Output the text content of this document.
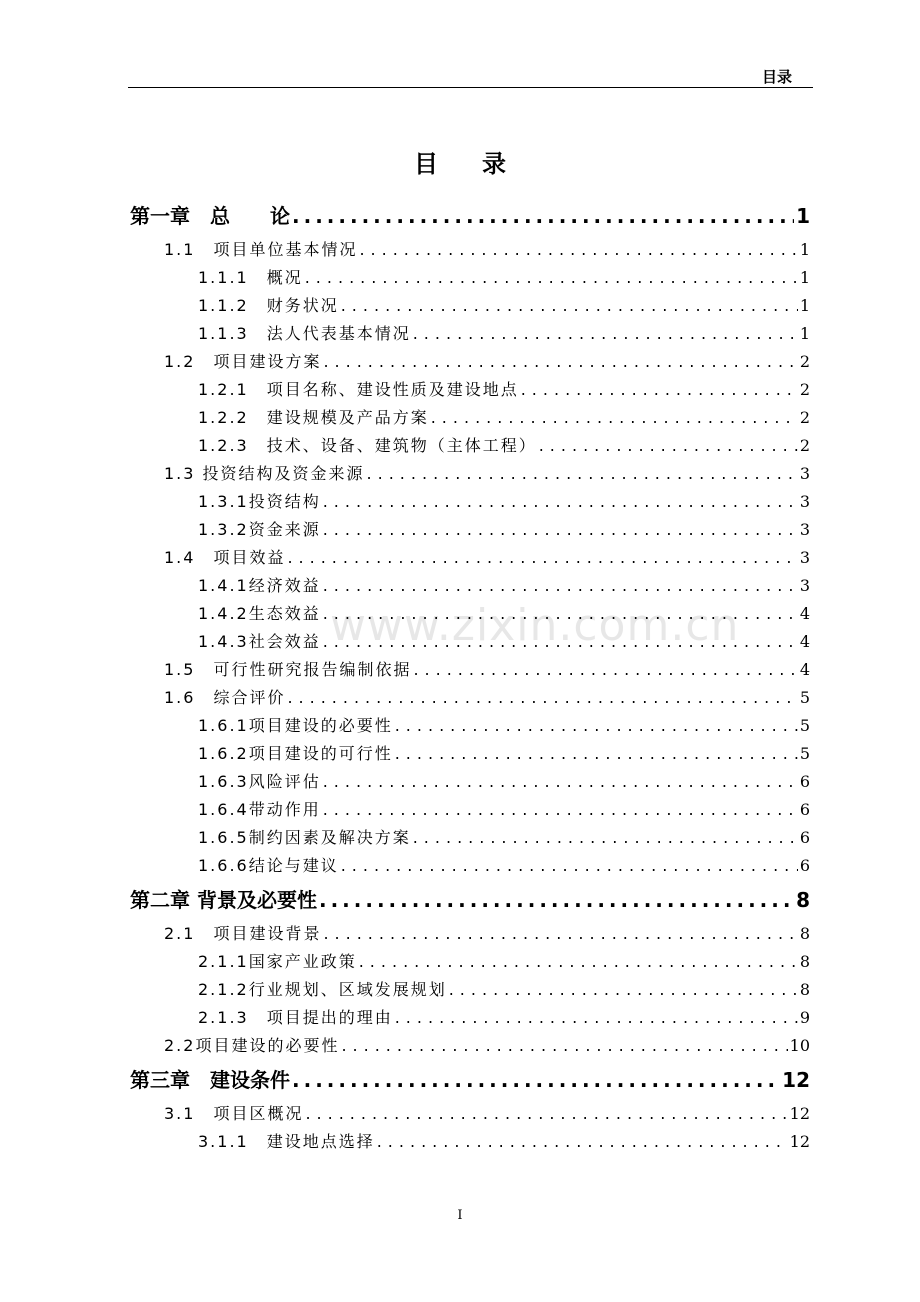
目录
www.zixin.com.cn
目录
第一章　总　　论 .....	1
1.1　项目单位基本情况 .....	1
1.1.1　概况 .....	1
1.1.2　财务状况 .....	1
1.1.3　法人代表基本情况 .....	1
1.2　项目建设方案 .....	2
1.2.1　项目名称、建设性质及建设地点 .....	2
1.2.2　建设规模及产品方案 .....	2
1.2.3　技术、设备、建筑物（主体工程） .....	2
1.3 投资结构及资金来源 .....	3
1.3.1投资结构 .....	3
1.3.2资金来源 .....	3
1.4　项目效益 .....	3
1.4.1经济效益 .....	3
1.4.2生态效益 .....	4
1.4.3社会效益 .....	4
1.5　可行性研究报告编制依据 .....	4
1.6　综合评价 .....	5
1.6.1项目建设的必要性 .....	5
1.6.2项目建设的可行性 .....	5
1.6.3风险评估 .....	6
1.6.4带动作用 .....	6
1.6.5制约因素及解决方案 .....	6
1.6.6结论与建议 .....	6
第二章 背景及必要性 .....	8
2.1　项目建设背景 .....	8
2.1.1国家产业政策 .....	8
2.1.2行业规划、区域发展规划 .....	8
2.1.3　项目提出的理由 .....	9
2.2项目建设的必要性 .....	10
第三章　建设条件 .....	12
3.1　项目区概况 .....	12
3.1.1　建设地点选择 .....	12
I
